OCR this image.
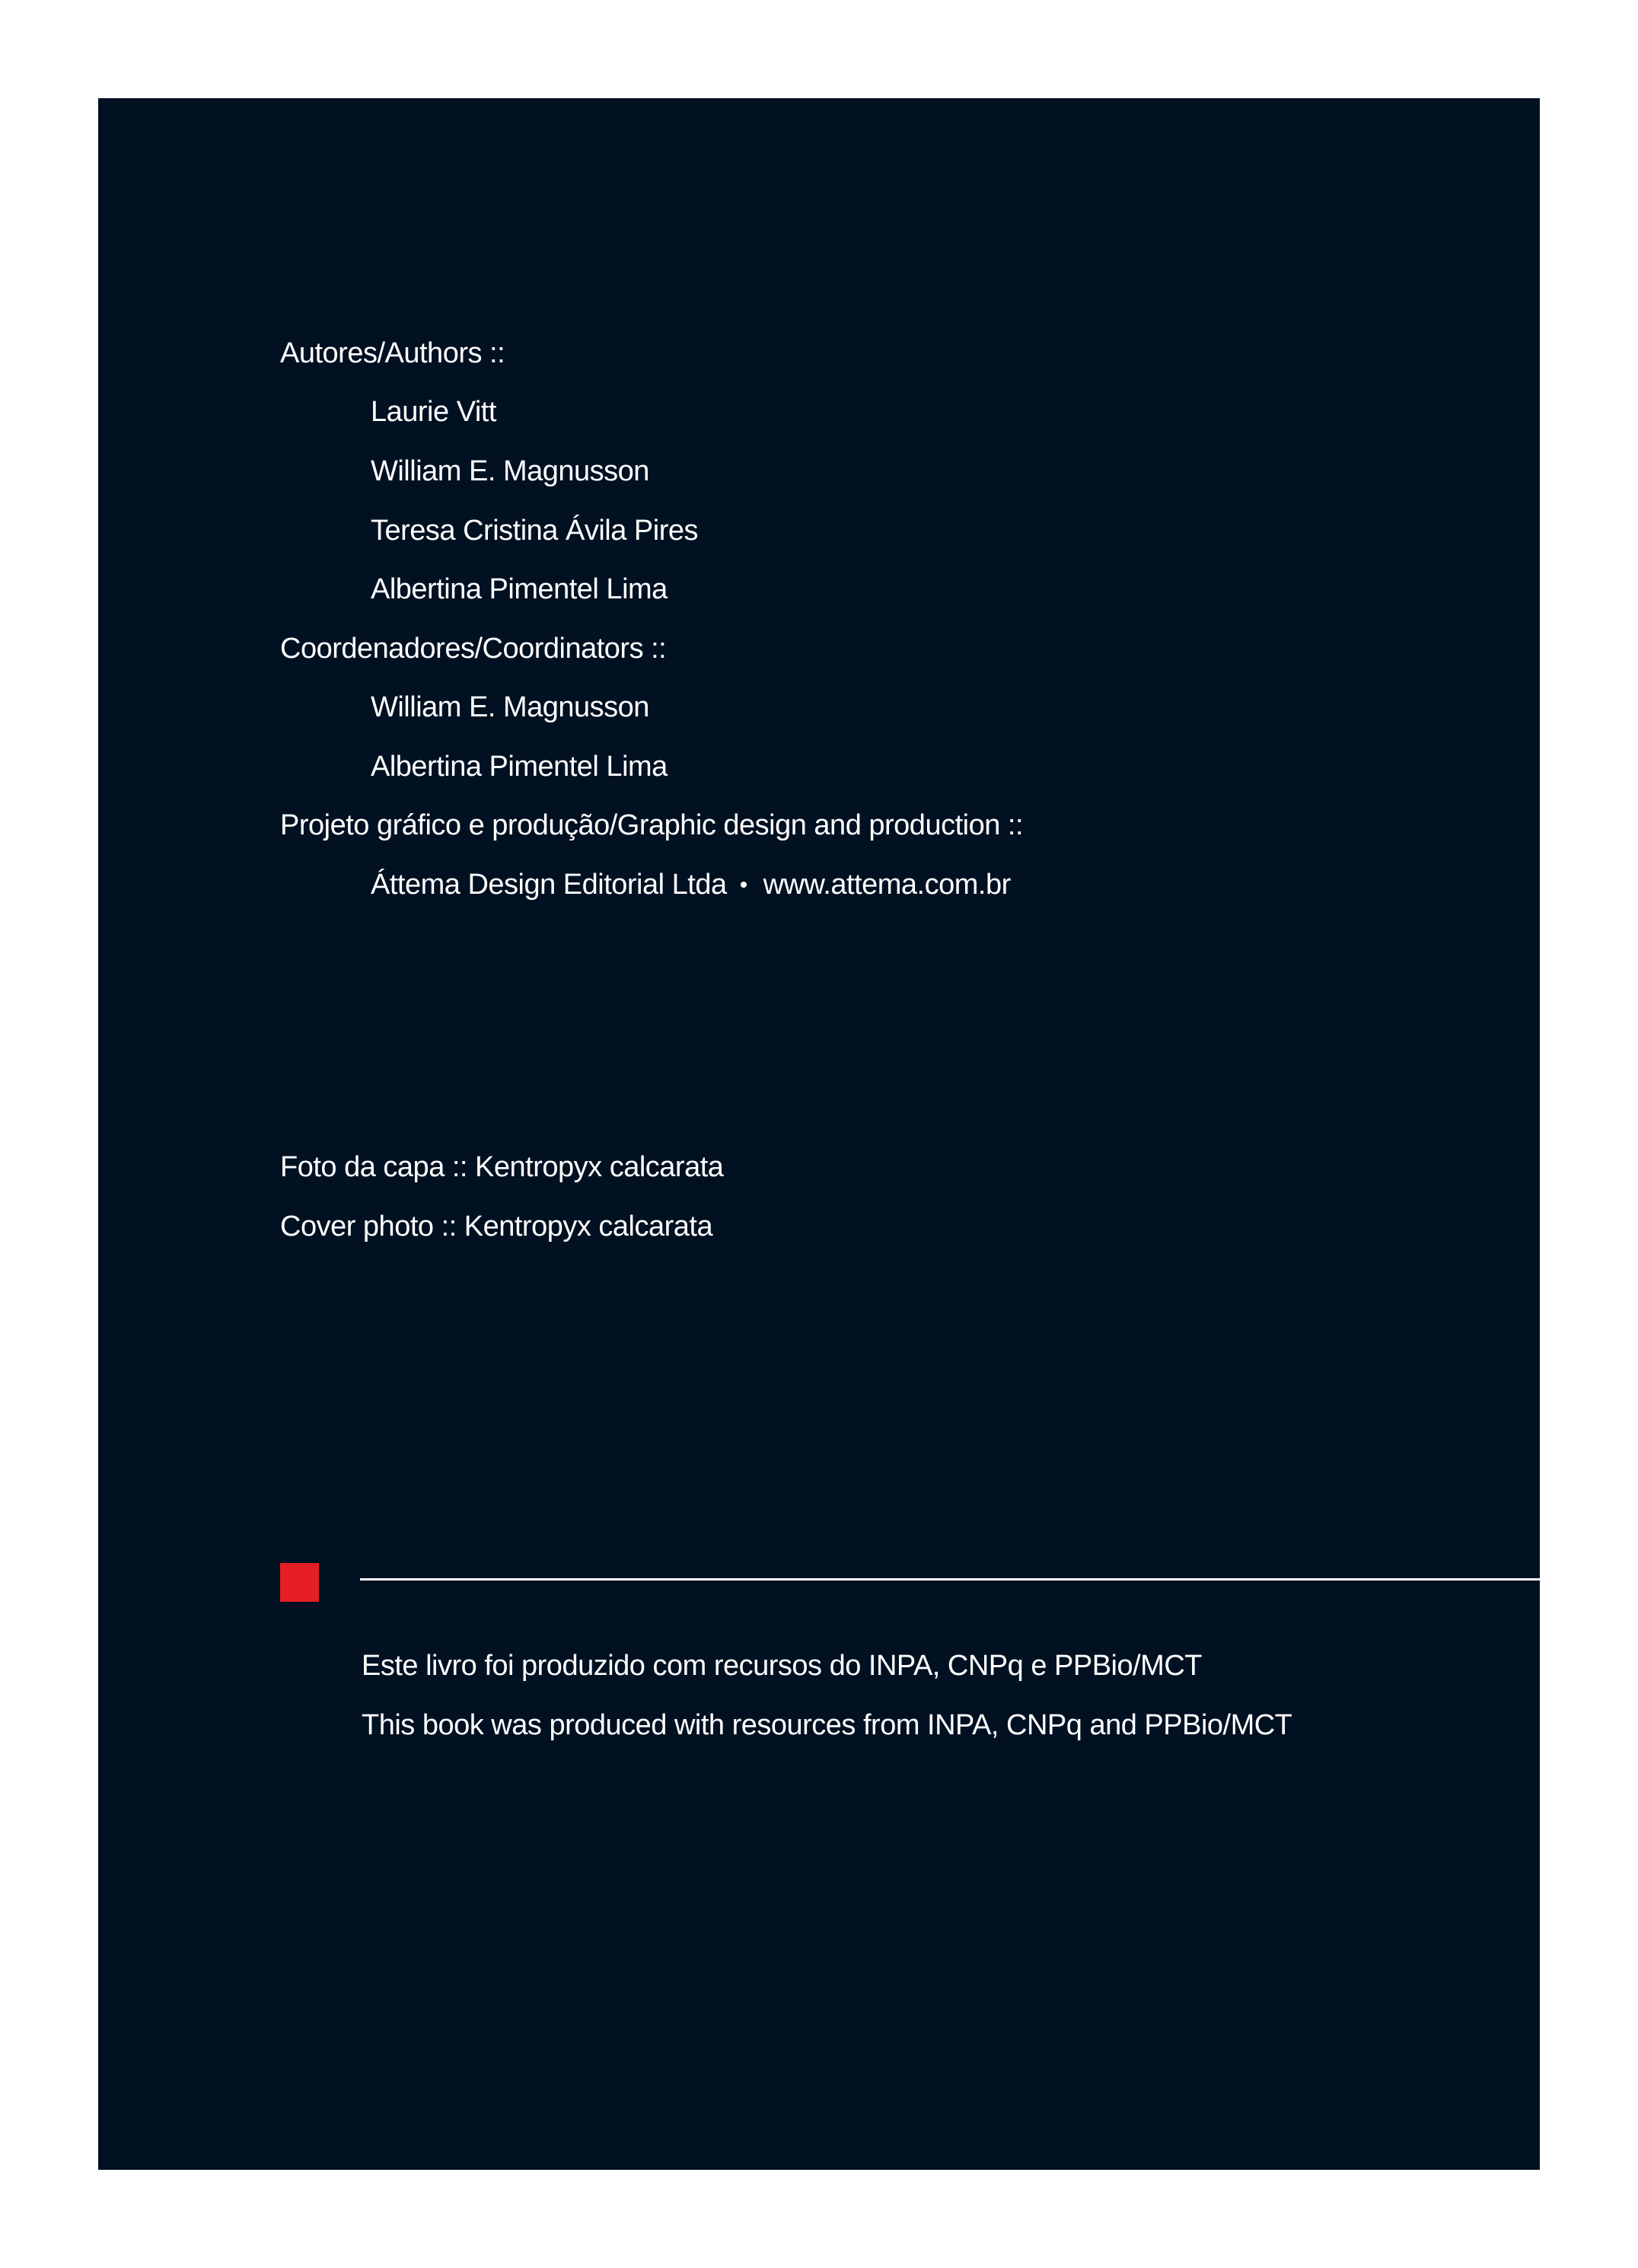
Autores/Authors ::
Laurie Vitt
William E. Magnusson
Teresa Cristina Ávila Pires
Albertina Pimentel Lima
Coordenadores/Coordinators ::
William E. Magnusson
Albertina Pimentel Lima
Projeto gráfico e produção/Graphic design and production ::
Áttema Design Editorial Ltda www.attema.com.br
Foto da capa :: Kentropyx calcarata
Cover photo :: Kentropyx calcarata
Este livro foi produzido com recursos do INPA, CNPq e PPBio/MCT
This book was produced with resources from INPA, CNPq and PPBio/MCT
